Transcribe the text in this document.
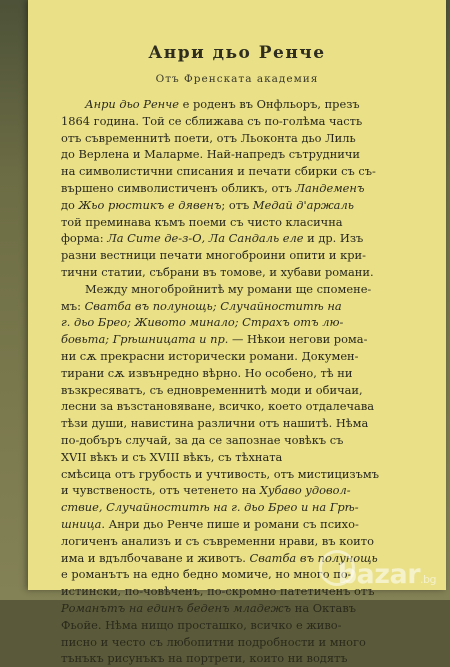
Анри дьо Ренче
Отъ Френската академия
Анри дьо Ренче е роденъ въ Онфльоръ, презъ
1864 година. Той се сближава съ по-голѣма часть
отъ съвременнитѣ поети, отъ Льоконта дьо Лиль
до Верлена и Маларме. Най-напредъ сътрудничи
на символистични списания и печати сбирки съ съ-
вършено символистиченъ обликъ, отъ Ландеменъ
до Жьо рюстикъ е дявенъ; отъ Медай д'аржаль
той преминава къмъ поеми съ чисто класична
форма: Ла Сите де-з-О, Ла Сандаль еле и др. Изъ
разни вестници печати многоброини опити и кри-
тични статии, събрани въ томове, и хубави романи.
Между многобройнитѣ му романи ще спомене-
мъ: Сватба въ полунощь; Случайноститѣ на
г. дьо Брео; Живото минало; Страхъ отъ лю-
бовьта; Грѣшницата и пр. — Нѣкои негови рома-
ни сѫ прекрасни исторически романи. Докумен-
тирани сѫ извънредно вѣрно. Но особено, тѣ ни
възкресяватъ, съ едновременнитѣ моди и обичаи,
лесни за възстановяване, всичко, което отдалечава
тѣзи души, навистина различни отъ нашитѣ. Нѣма
по-добъръ случай, за да се запознае човѣкъ съ
XVII вѣкъ и съ XVIII вѣкъ, съ тѣхната
смѣсица отъ грубость и учтивость, отъ мистицизъмъ
и чувственость, отъ четенето на Хубаво удовол-
ствие, Случайноститѣ на г. дьо Брео и на Грѣ-
шница. Анри дьо Ренче пише и романи съ психо-
логиченъ анализъ и съ съвременни нрави, въ които
има и вдълбочаване и животъ. Сватба въ полунощь
е романътъ на едно бедно момиче, но много по-
истински, по-човѣченъ, по-скромно патетиченъ отъ
Романътъ на единъ беденъ младежъ на Октавъ
Фьойе. Нѣма нищо просташко, всичко е живо-
писно и често съ любопитни подробности и много
тънъкъ рисунъкъ на портрети, които ни водятъ
bazar.bg
